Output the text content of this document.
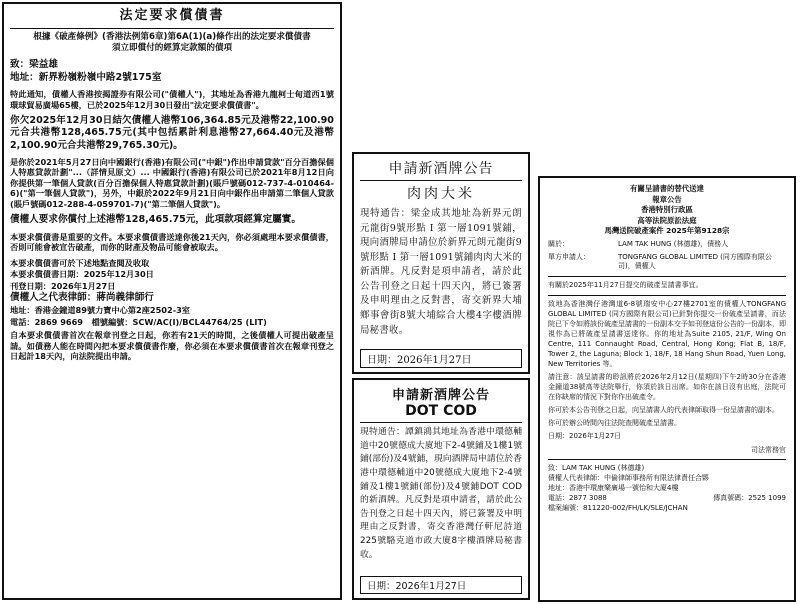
法定要求償債書
根據《破產條例》(香港法例第6章)第6A(1)(a)條作出的法定要求償債書
須立即償付的經算定款額的債項
致：梁益雄
地址：新界粉嶺粉嶺中路2號175室

特此通知，債權人香港按揭證券有限公司("債權人")，其地址為香港九龍柯士甸道西1號環球貿易廣場65樓，已於2025年12月30日發出"法定要求償債書"。

你欠2025年12月30日結欠債權人港幣106,364.85元及港幣22,100.90元合共港幣128,465.75元(其中包括累計利息港幣27,664.40元及港幣2,100.90元合共港幣29,765.30元)。

是你於2021年5月27日向中國銀行(香港)有限公司("中銀")作出申請貸款"百分百擔保個人特惠貸款計劃"...（詳情見原文）... 中國銀行(香港)有限公司已於2021年8月12日向你提供第一筆個人貸款(百分百擔保個人特惠貸款計劃)(賬戶號碼012-737-4-010464-6)("第一筆個人貸款")，另外，中銀於2022年9月21日向中銀作出申請第二筆個人貸款(賬戶號碼012-288-4-059701-7)("第二筆個人貸款")。

債權人要求你償付上述港幣128,465.75元，此項款項經算定屬實。

本要求償債書是重要的文件。本要求償債書送達你後21天內，你必須處理本要求償債書，否則可能會被宣告破產，而你的財產及物品可能會被取去。

本要求償債書可於下述地點查閱及收取
本要求償債書日期：2025年12月30日
刊登日期：2026年1月27日
債權人之代表律師：蔣尚義律師行
地址：香港金鐘道89號力寶中心第2座2502-3室
電話：2869 9669 檔號編號：SCW/AC(I)/BCL44764/25 (LIT)

自本要求償債書首次在報章刊登之日起，你若有21天的時間，之後債權人可提出破產呈請。如債務人能在時間內把本要求償債書作廢，你必須在本要求償債書首次在報章刊登之日起計18天內，向法院提出申請。

申請新酒牌公告
肉肉大米
現特通告：梁金成其地址為新界元朗元龍街9號形點 I 第一層1091號鋪，現向酒牌局申請位於新界元朗元龍街9號形點 I 第一層1091號鋪肉肉大米的新酒牌。凡反對是項申請者，請於此公告刊登之日起十四天內，將已簽署及申明理由之反對書，寄交新界大埔鄉事會街8號大埔綜合大樓4字樓酒牌局秘書收。
日期：2026年1月27日
申請新酒牌公告
DOT COD
現特通告：譚鎮鴻其地址為香港中環德輔道中20號德成大廈地下2-4號鋪及1樓1號鋪(部份)及4號鋪，現向酒牌局申請位於香港中環德輔道中20號德成大廈地下2-4號鋪及1樓1號鋪(部份)及4號鋪DOT COD的新酒牌。凡反對是項申請者，請於此公告刊登之日起十四天內，將已簽署及申明理由之反對書，寄交香港灣仔軒尼詩道225號駱克道市政大廈8字樓酒牌局秘書收。
日期：2026年1月27日
有關呈請書的替代送達
報章公告
香港特別行政區
高等法院原訟法庭
馬灣送院破產案件 2025年第9128宗
關於：	LAM TAK HUNG (林德雄)，債務人
單方申請人：	TONGFANG GLOBAL LIMITED (同方國際有限公司)，債權人

有關於2025年11月27日提交的破產呈請書事宜。

致地為香港灣仔港灣道6-8號瑞安中心27樓2701室的債權人TONGFANG GLOBAL LIMITED (同方國際有限公司)已針對你提交一份破產呈請書，而法院已下令如將該份破產呈請書的一份副本交予如刊登這份公告的一份副本，即視作為已將破產呈請書送達你。你的地址為Suite 2105, 21/F, Wing On Centre, 111 Connaught Road, Central, Hong Kong; Flat B, 18/F, Tower 2, the Laguna; Block 1, 18/F, 18 Hang Shun Road, Yuen Long, New Territories 等。

請注意：該呈請書的聆訊將於2026年2月12日(星期四)下午2時30分在香港金鐘道38號高等法院舉行，你須於該日出席。如你在該日沒有出庭，法院可在你缺席的情況下對你作出破產令。

你可於本公告刊登之日起，向呈請書人的代表律師取得一份呈請書的副本。

你可於辦公時間內往法院查閱破產呈請書。

日期：2026年1月27日
司法常務官
致：LAM TAK HUNG (林德雄)
債權人代表律師：中倫律師事務所有限法律責任合夥
地址：香港中環康樂廣場一號怡和大廈4樓
電話：2877 3088	傳真號碼：2525 1099
檔案編號：811220-002/FH/LK/SLE/JCHAN
